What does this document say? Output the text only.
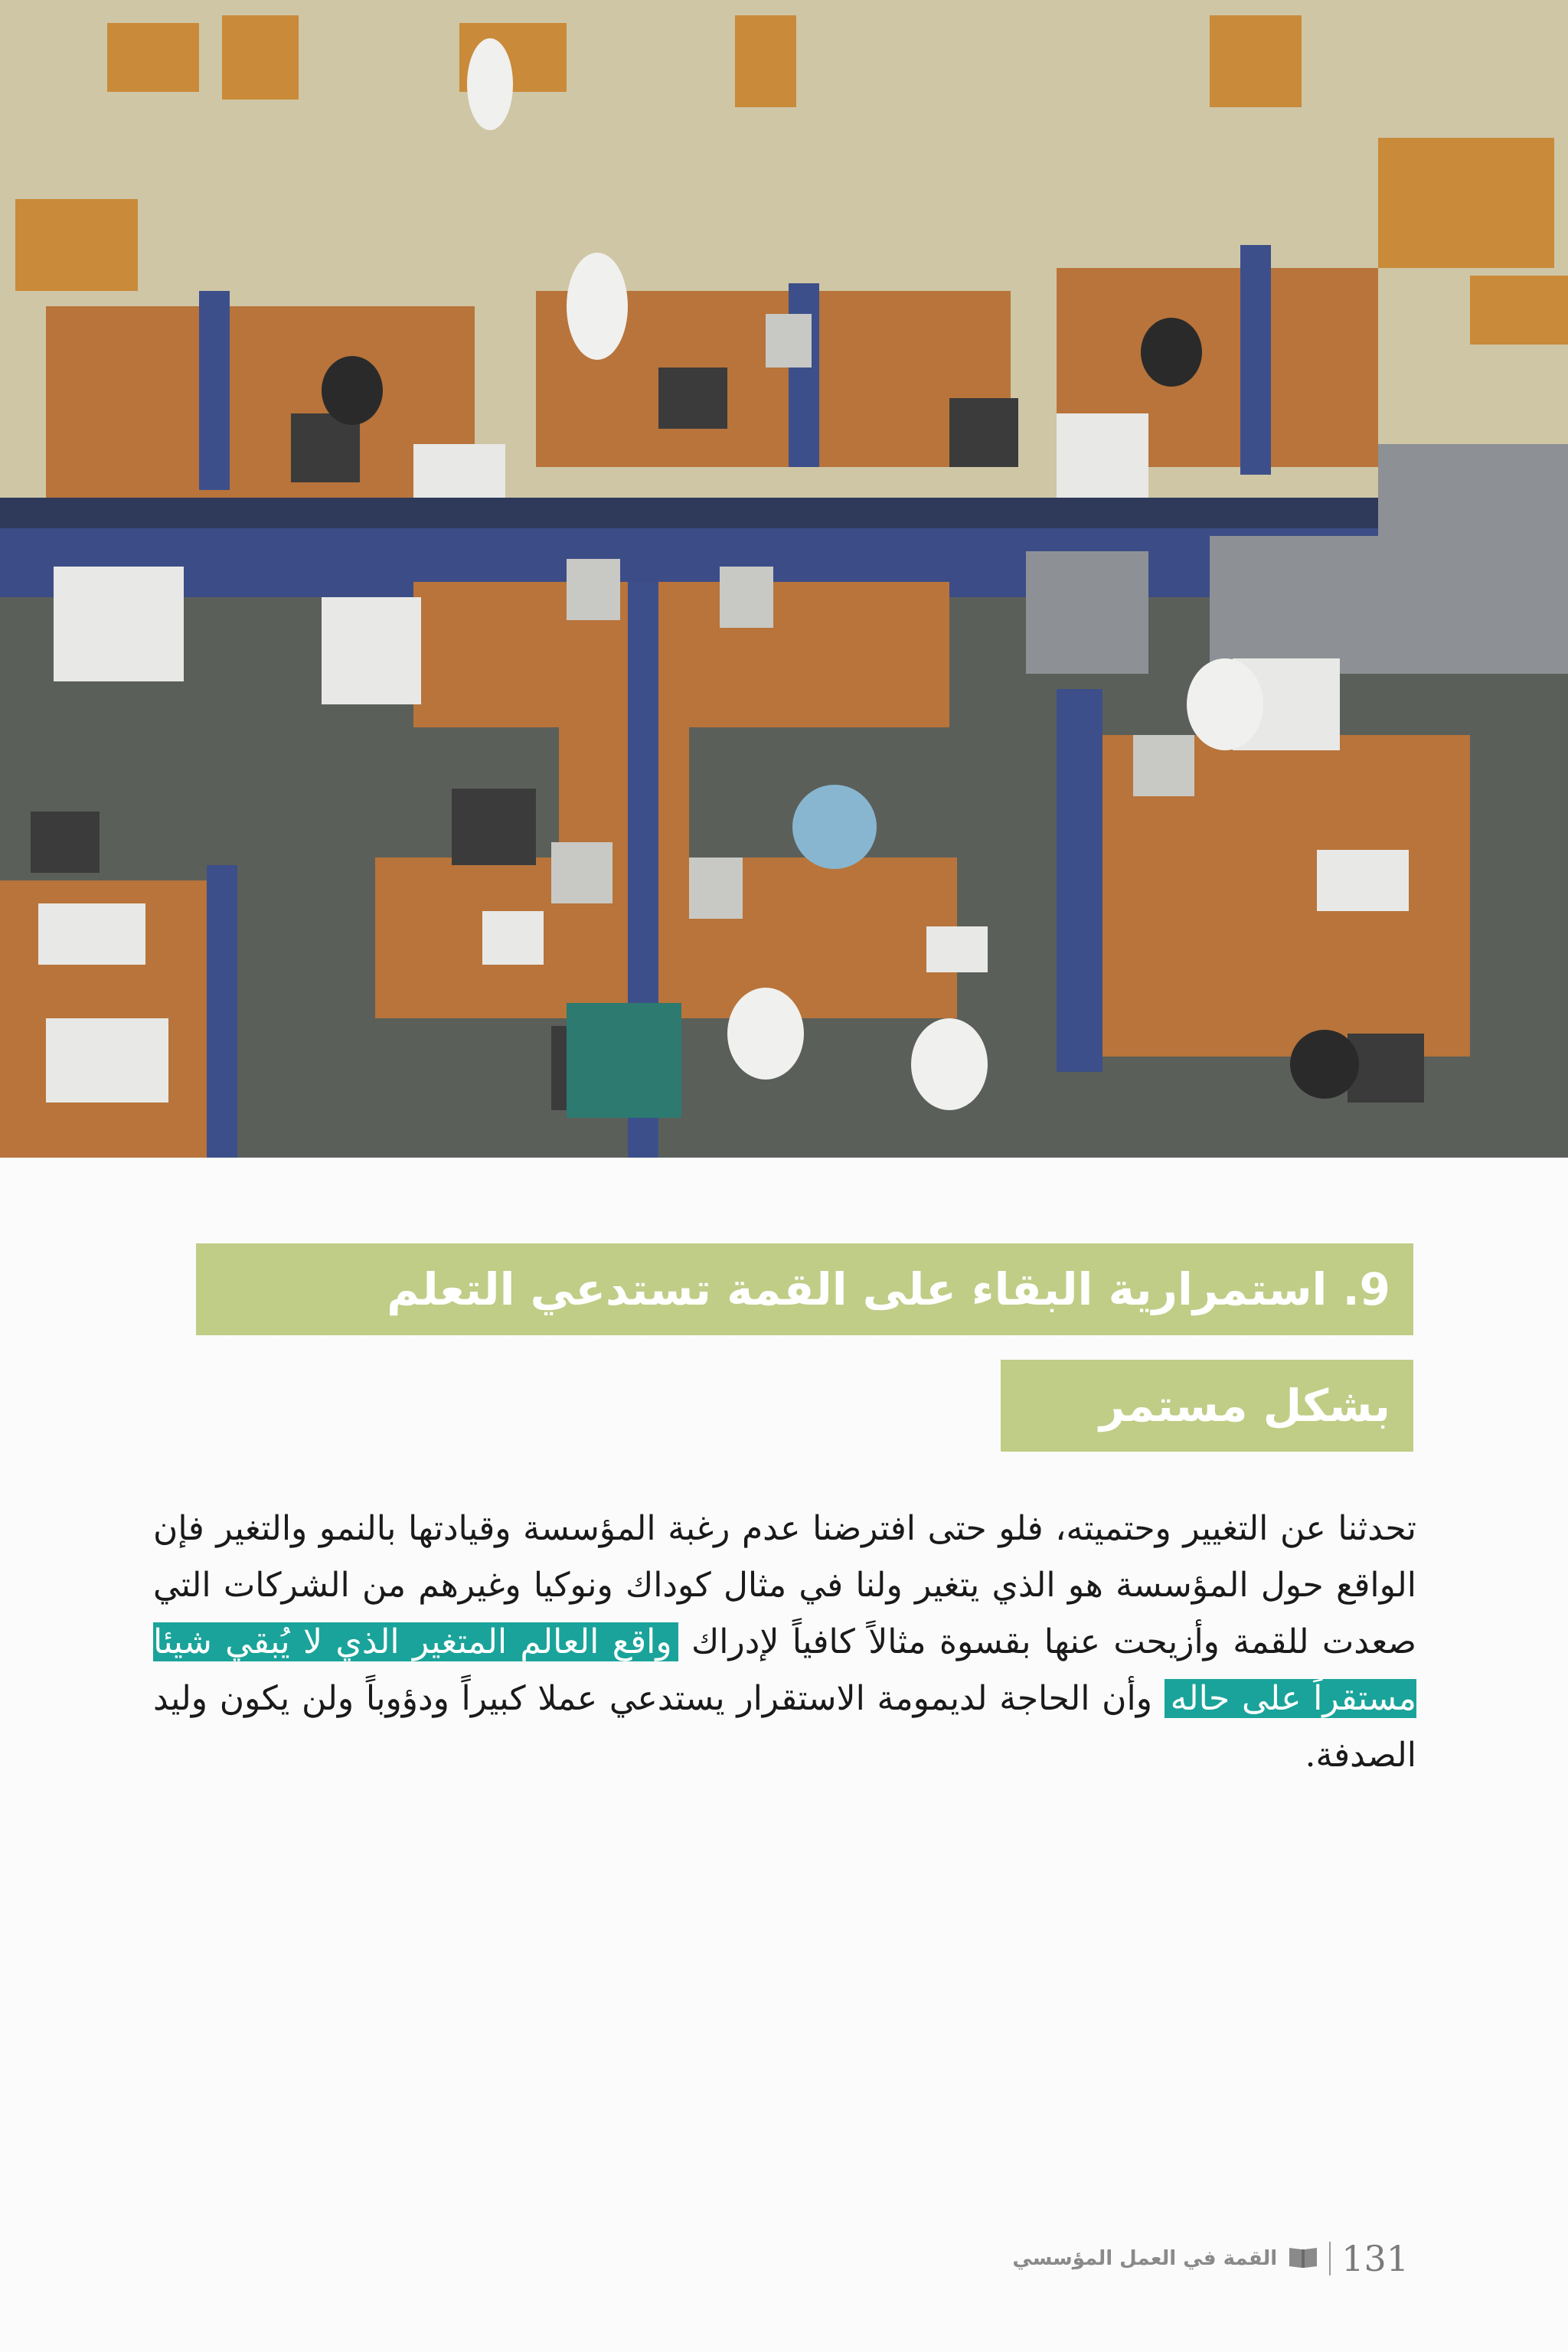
9. استمرارية البقاء على القمة تستدعي التعلم
بشكل مستمر
تحدثنا عن التغيير وحتميته، فلو حتى افترضنا عدم رغبة المؤسسة وقيادتها بالنمو والتغير فإن الواقع حول المؤسسة هو الذي يتغير ولنا في مثال كوداك ونوكيا وغيرهم من الشركات التي صعدت للقمة وأزيحت عنها بقسوة مثالاً كافياً لإدراك واقع العالم المتغير الذي لا يُبقي شيئا مستقراً على حاله وأن الحاجة لديمومة الاستقرار يستدعي عملا كبيراً ودؤوباً ولن يكون وليد الصدفة.
131
القمة في العمل المؤسسي
